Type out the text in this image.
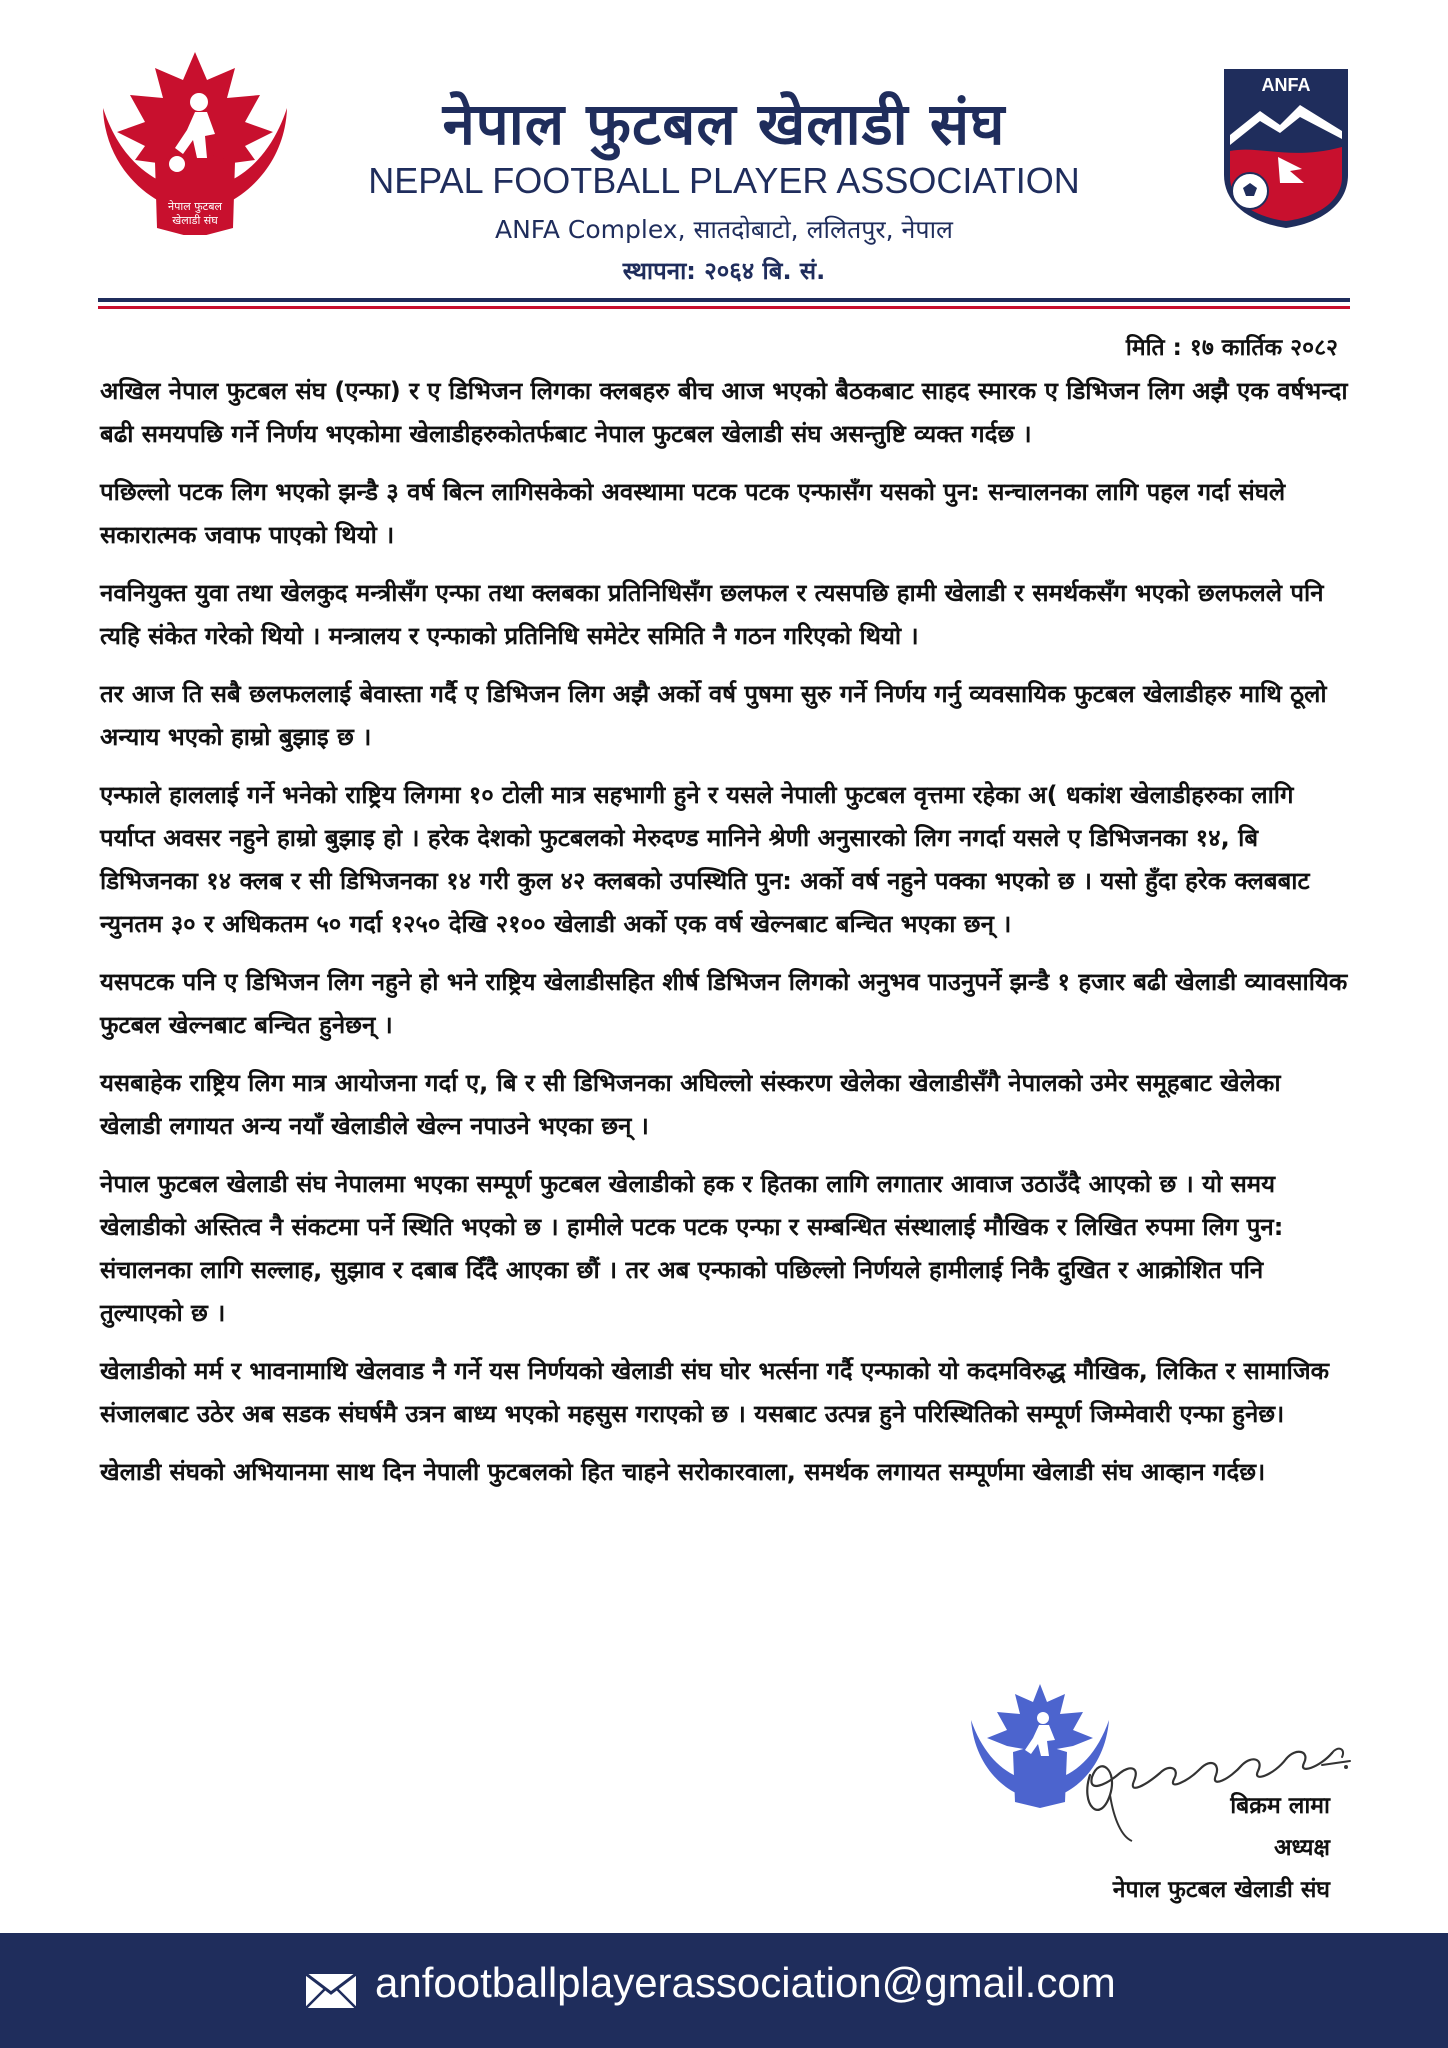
नेपाल फुटबल
खेलाडी संघ
नेपाल फुटबल खेलाडी संघ
NEPAL FOOTBALL PLAYER ASSOCIATION
ANFA Complex, सातदोबाटो, ललितपुर, नेपाल
स्थापना: २०६४ बि. सं.
ANFA
मिति : १७ कार्तिक २०८२

अखिल नेपाल फुटबल संघ (एन्फा) र ए डिभिजन लिगका क्लबहरु बीच आज भएको बैठकबाट साहद स्मारक ए डिभिजन लिग अझै एक वर्षभन्दा बढी समयपछि गर्ने निर्णय भएकोमा खेलाडीहरुकोतर्फबाट नेपाल फुटबल खेलाडी संघ असन्तुष्टि व्यक्त गर्दछ ।

पछिल्लो पटक लिग भएको झन्डै ३ वर्ष बित्न लागिसकेको अवस्थामा पटक पटक एन्फासँग यसको पुन: सन्चालनका लागि पहल गर्दा संघले सकारात्मक जवाफ पाएको थियो ।

नवनियुक्त युवा तथा खेलकुद मन्त्रीसँग एन्फा तथा क्लबका प्रतिनिधिसँग छलफल र त्यसपछि हामी खेलाडी र समर्थकसँग भएको छलफलले पनि त्यहि संकेत गरेको थियो । मन्त्रालय र एन्फाको प्रतिनिधि समेटेर समिति नै गठन गरिएको थियो ।

तर आज ति सबै छलफललाई बेवास्ता गर्दै ए डिभिजन लिग अझै अर्को वर्ष पुषमा सुरु गर्ने निर्णय गर्नु व्यवसायिक फुटबल खेलाडीहरु माथि ठूलो अन्याय भएको हाम्रो बुझाइ छ ।

एन्फाले हाललाई गर्ने भनेको राष्ट्रिय लिगमा १० टोली मात्र सहभागी हुने र यसले नेपाली फुटबल वृत्तमा रहेका अ( धकांश खेलाडीहरुका लागि पर्याप्त अवसर नहुने हाम्रो बुझाइ हो । हरेक देशको फुटबलको मेरुदण्ड मानिने श्रेणी अनुसारको लिग नगर्दा यसले ए डिभिजनका १४, बि डिभिजनका १४ क्लब र सी डिभिजनका १४ गरी कुल ४२ क्लबको उपस्थिति पुन: अर्को वर्ष नहुने पक्का भएको छ । यसो हुँदा हरेक क्लबबाट न्युनतम ३० र अधिकतम ५० गर्दा १२५० देखि २१०० खेलाडी अर्को एक वर्ष खेल्नबाट बन्चित भएका छन् ।

यसपटक पनि ए डिभिजन लिग नहुने हो भने राष्ट्रिय खेलाडीसहित शीर्ष डिभिजन लिगको अनुभव पाउनुपर्ने झन्डै १ हजार बढी खेलाडी व्यावसायिक फुटबल खेल्नबाट बन्चित हुनेछन् ।

यसबाहेक राष्ट्रिय लिग मात्र आयोजना गर्दा ए, बि र सी डिभिजनका अघिल्लो संस्करण खेलेका खेलाडीसँगै नेपालको उमेर समूहबाट खेलेका खेलाडी लगायत अन्य नयाँ खेलाडीले खेल्न नपाउने भएका छन् ।

नेपाल फुटबल खेलाडी संघ नेपालमा भएका सम्पूर्ण फुटबल खेलाडीको हक र हितका लागि लगातार आवाज उठाउँदै आएको छ । यो समय खेलाडीको अस्तित्व नै संकटमा पर्ने स्थिति भएको छ । हामीले पटक पटक एन्फा र सम्बन्धित संस्थालाई मौखिक र लिखित रुपमा लिग पुन: संचालनका लागि सल्लाह, सुझाव र दबाब दिँदै आएका छौं । तर अब एन्फाको पछिल्लो निर्णयले हामीलाई निकै दुखित र आक्रोशित पनि तुल्याएको छ ।

खेलाडीको मर्म र भावनामाथि खेलवाड नै गर्ने यस निर्णयको खेलाडी संघ घोर भर्त्सना गर्दै एन्फाको यो कदमविरुद्ध मौखिक, लिकित र सामाजिक संजालबाट उठेर अब सडक संघर्षमै उत्रन बाध्य भएको महसुस गराएको छ । यसबाट उत्पन्न हुने परिस्थितिको सम्पूर्ण जिम्मेवारी एन्फा हुनेछ।

खेलाडी संघको अभियानमा साथ दिन नेपाली फुटबलको हित चाहने सरोकारवाला, समर्थक लगायत सम्पूर्णमा खेलाडी संघ आव्हान गर्दछ।

बिक्रम लामा
अध्यक्ष
नेपाल फुटबल खेलाडी संघ
anfootballplayerassociation@gmail.com
